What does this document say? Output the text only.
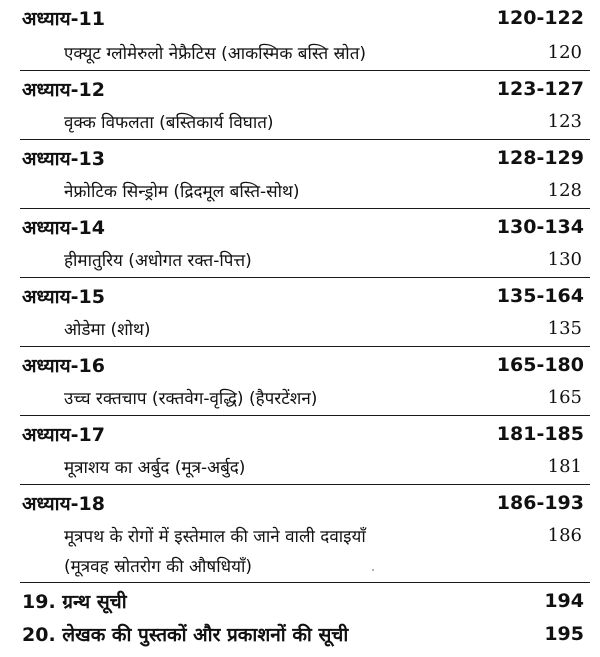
अध्याय-11	120-122
एक्यूट ग्लोमेरुलो नेफ्रैटिस (आकस्मिक बस्ति स्रोत)	120
अध्याय-12	123-127
वृक्क विफलता (बस्तिकार्य विघात)	123
अध्याय-13	128-129
नेफ्रोटिक सिन्ड्रोम (द्रिदमूल बस्ति-सोथ)	128
अध्याय-14	130-134
हीमातुरिय (अधोगत रक्त-पित्त)	130
अध्याय-15	135-164
ओडेमा (शोथ)	135
अध्याय-16	165-180
उच्च रक्तचाप (रक्तवेग-वृद्धि) (हैपरटेंशन)	165
अध्याय-17	181-185
मूत्राशय का अर्बुद (मूत्र-अर्बुद)	181
अध्याय-18	186-193
मूत्रपथ के रोगों में इस्तेमाल की जाने वाली दवाइयाँ	186
(मूत्रवह स्रोतरोग की औषधियाँ)
19. ग्रन्थ सूची	194
20. लेखक की पुस्तकों और प्रकाशनों की सूची	195
